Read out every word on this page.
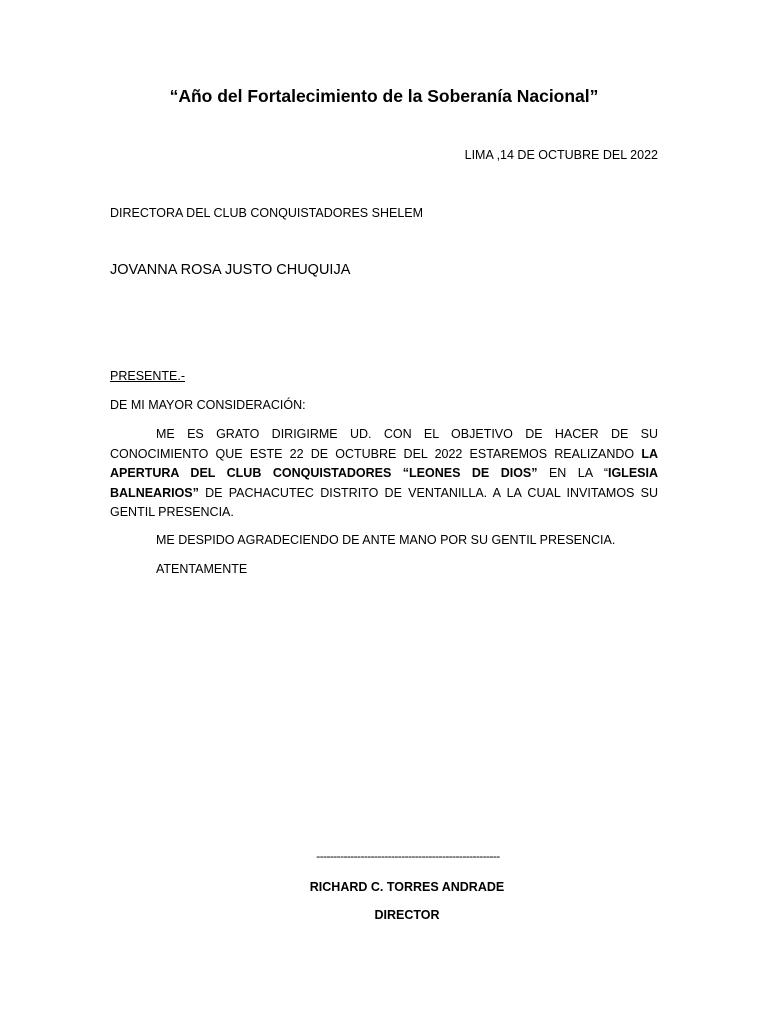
“Año del Fortalecimiento de la Soberanía Nacional”
LIMA ,14 DE OCTUBRE DEL 2022
DIRECTORA DEL CLUB CONQUISTADORES SHELEM
JOVANNA ROSA JUSTO CHUQUIJA
PRESENTE.-
DE MI MAYOR CONSIDERACIÓN:
ME ES GRATO DIRIGIRME UD. CON EL OBJETIVO DE HACER DE SU CONOCIMIENTO QUE ESTE 22 DE OCTUBRE DEL 2022 ESTAREMOS REALIZANDO LA APERTURA DEL CLUB CONQUISTADORES “LEONES DE DIOS” EN LA “IGLESIA BALNEARIOS” DE PACHACUTEC DISTRITO DE VENTANILLA. A LA CUAL INVITAMOS SU GENTIL PRESENCIA.
ME DESPIDO AGRADECIENDO DE ANTE MANO POR SU GENTIL PRESENCIA.
ATENTAMENTE
------------------------------------------------------
RICHARD C. TORRES ANDRADE
DIRECTOR
